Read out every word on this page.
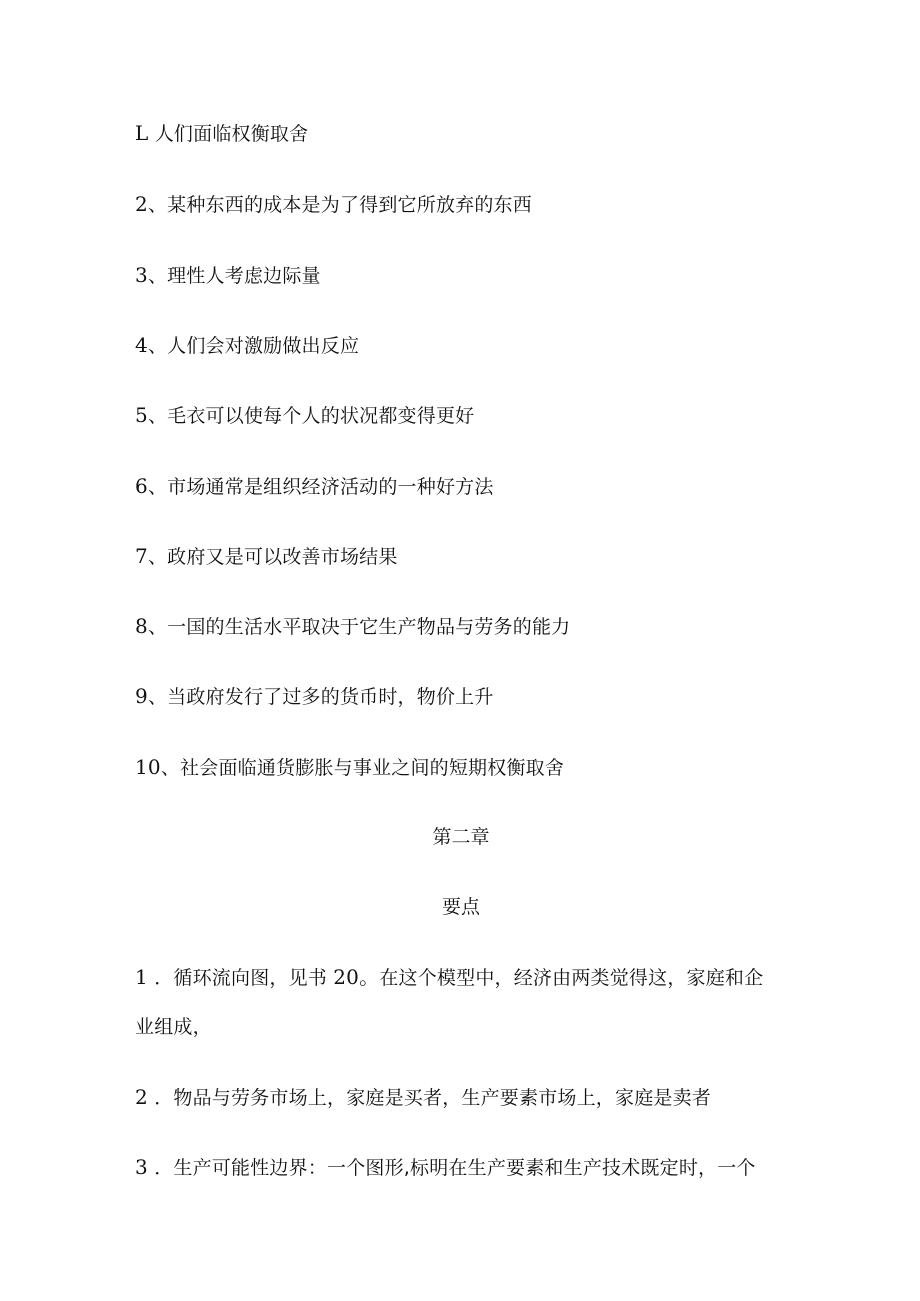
L 人们面临权衡取舍
2、某种东西的成本是为了得到它所放弃的东西
3、理性人考虑边际量
4、人们会对激励做出反应
5、毛衣可以使每个人的状况都变得更好
6、市场通常是组织经济活动的一种好方法
7、政府又是可以改善市场结果
8、一国的生活水平取决于它生产物品与劳务的能力
9、当政府发行了过多的货币时，物价上升
10、社会面临通货膨胀与事业之间的短期权衡取舍
第二章
要点
1 ．循环流向图，见书 20。在这个模型中，经济由两类觉得这，家庭和企
业组成，
2 ．物品与劳务市场上，家庭是买者，生产要素市场上，家庭是卖者
3 ．生产可能性边界：一个图形,标明在生产要素和生产技术既定时，一个
